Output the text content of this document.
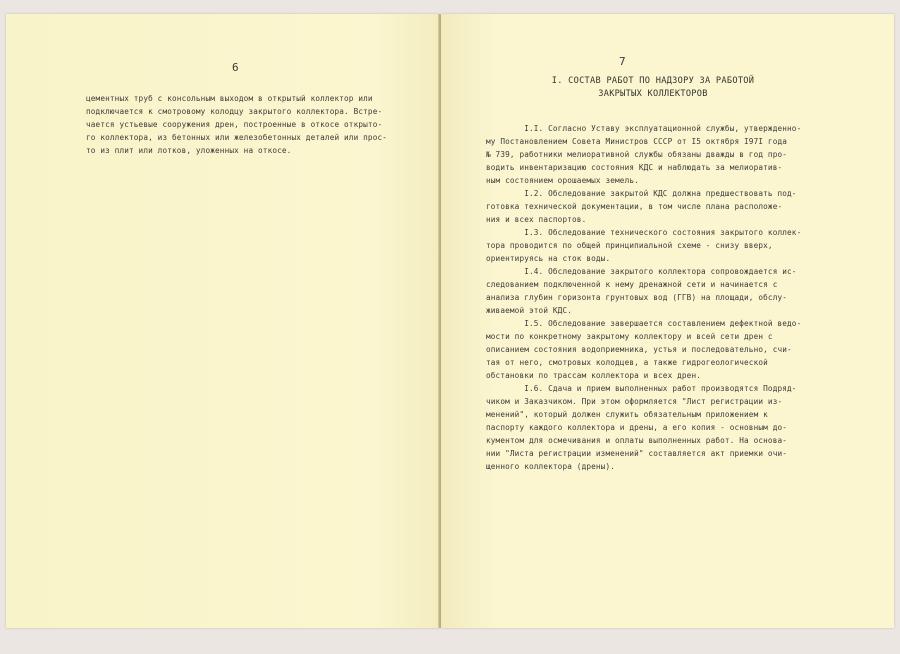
6
цементных труб с консольным выходом в открытый коллектор или
подключается к смотровому колодцу закрытого коллектора. Встре-
чается устьевые сооружения дрен, построенные в откосе открыто-
го коллектора, из бетонных или железобетонных деталей или прос-
то из плит или лотков, уложенных на откосе.
7
I. СОСТАВ РАБОТ ПО НАДЗОРУ ЗА РАБОТОЙ
ЗАКРЫТЫХ КОЛЛЕКТОРОВ
I.I. Согласно Уставу эксплуатационной службы, утвержденно-
му Постановлением Совета Министров СССР от I5 октября I97I года
№ 739, работники мелиоративной службы обязаны дважды в год про-
водить инвентаризацию состояния КДС и наблюдать за мелиоратив-
ным состоянием орошаемых земель.
I.2. Обследование закрытой КДС должна предшествовать под-
готовка технической документации, в том числе плана расположе-
ния и всех паспортов.
I.3. Обследование технического состояния закрытого коллек-
тора проводится по общей принципиальной схеме - снизу вверх,
ориентируясь на сток воды.
I.4. Обследование закрытого коллектора сопровождается ис-
следованием подключенной к нему дренажной сети и начинается с
анализа глубин горизонта грунтовых вод (ГГВ) на площади, обслу-
живаемой этой КДС.
I.5. Обследование завершается составлением дефектной ведо-
мости по конкретному закрытому коллектору и всей сети дрен с
описанием состояния водоприемника, устья и последовательно, счи-
тая от него, смотровых колодцев, а также гидрогеологической
обстановки по трассам коллектора и всех дрен.
I.6. Сдача и прием выполненных работ производятся Подряд-
чиком и Заказчиком. При этом оформляется "Лист регистрации из-
менений", который должен служить обязательным приложением к
паспорту каждого коллектора и дрены, а его копия - основным до-
кументом для осмечивания и оплаты выполненных работ. На основа-
нии "Листа регистрации изменений" составляется акт приемки очи-
щенного коллектора (дрены).
